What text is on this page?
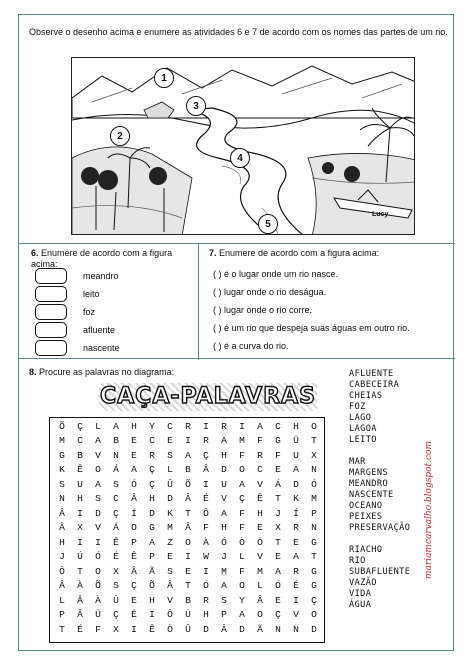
Observe o desenho acima e enumere as atividades 6 e 7 de acordo com os nomes das partes de um rio.
Lucy
1
2
3
4
5
6. Enumere de acordo com a figura acima:
meandro
leito
foz
afluente
nascente
7. Enumere de acordo com a figura acima:
( ) é o lugar onde um rio nasce.
( ) lugar onde o rio deságua.
( ) lugar onde o rio corre.
( ) é um rio que despeja suas águas em outro rio.
( ) é a curva do rio.
8. Procure as palavras no diagrama:
CAÇA-PALAVRAS
Õ	Ç	L	A	H	Y	C	R	I	R	I	A	C	H	O
M	C	A	B	E	C	E	I	R	A	M	F	G	Ü	T
G	B	V	N	E	R	S	A	Ç	H	F	R	F	U	X
K	Ê	O	Á	A	Ç	L	B	Â	D	O	C	E	A	N
S	U	A	S	Ó	Ç	Û	Õ	I	U	A	V	Á	D	Ó
N	H	S	C	Â	H	D	Â	É	V	Ç	Ê	T	K	M
Â	I	D	Ç	Í	D	K	T	Ô	A	F	H	J	Í	P
Â	X	V	Á	O	G	M	Â	F	H	F	E	X	R	N
H	I	I	Ê	P	A	Z	O	À	Ó	Ò	Ó	T	E	G
J	Ú	Ó	É	Ê	P	E	I	W	J	L	V	E	A	T
Ô	T	O	X	Â	Ã	S	E	I	M	F	M	A	R	G
Â	À	Õ	S	Ç	Õ	Â	T	Ó	A	O	L	Ó	É	G
L	Â	À	Û	E	H	V	B	R	S	Y	Â	E	I	Ç
P	Â	Ü	Ç	É	I	Ô	Ú	H	P	A	O	Ç	V	O
T	É	F	X	I	Ê	Ò	Û	D	Â	D	Ã	N	N	D
AFLUENTE
CABECEIRA
CHEIAS
FOZ
LAGO
LAGOA
LEITO
MAR
MARGENS
MEANDRO
NASCENTE
OCEANO
PEIXES
PRESERVAÇÃO
RIACHO
RIO
SUBAFLUENTE
VAZÃO
VIDA
ÁGUA
mariamcarvalho.blogspot.com
